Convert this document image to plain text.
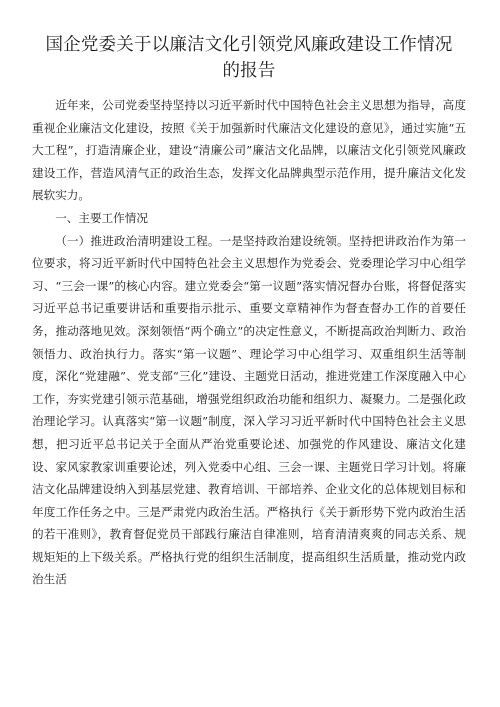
国企党委关于以廉洁文化引领党风廉政建设工作情况
的报告

近年来，公司党委坚持坚持以习近平新时代中国特色社会主义思想为指导，高度重视企业廉洁文化建设，按照《关于加强新时代廉洁文化建设的意见》，通过实施“五大工程”，打造清廉企业，建设“清廉公司”廉洁文化品牌，以廉洁文化引领党风廉政建设工作，营造风清气正的政治生态，发挥文化品牌典型示范作用，提升廉洁文化发展软实力。

一、主要工作情况

（一）推进政治清明建设工程。一是坚持政治建设统领。坚持把讲政治作为第一位要求，将习近平新时代中国特色社会主义思想作为党委会、党委理论学习中心组学习、“三会一课”的核心内容。建立党委会“第一议题”落实情况督办台账，将督促落实习近平总书记重要讲话和重要指示批示、重要文章精神作为督查督办工作的首要任务，推动落地见效。深刻领悟“两个确立”的决定性意义，不断提高政治判断力、政治领悟力、政治执行力。落实“第一议题”、理论学习中心组学习、双重组织生活等制度，深化“党建融”、党支部“三化”建设、主题党日活动，推进党建工作深度融入中心工作，夯实党建引领示范基础，增强党组织政治功能和组织力、凝聚力。二是强化政治理论学习。认真落实“第一议题”制度，深入学习习近平新时代中国特色社会主义思想，把习近平总书记关于全面从严治党重要论述、加强党的作风建设、廉洁文化建设、家风家教家训重要论述，列入党委中心组、三会一课、主题党日学习计划。将廉洁文化品牌建设纳入到基层党建、教育培训、干部培养、企业文化的总体规划目标和年度工作任务之中。三是严肃党内政治生活。严格执行《关于新形势下党内政治生活的若干准则》，教育督促党员干部践行廉洁自律准则，培育清清爽爽的同志关系、规规矩矩的上下级关系。严格执行党的组织生活制度，提高组织生活质量，推动党内政治生活
